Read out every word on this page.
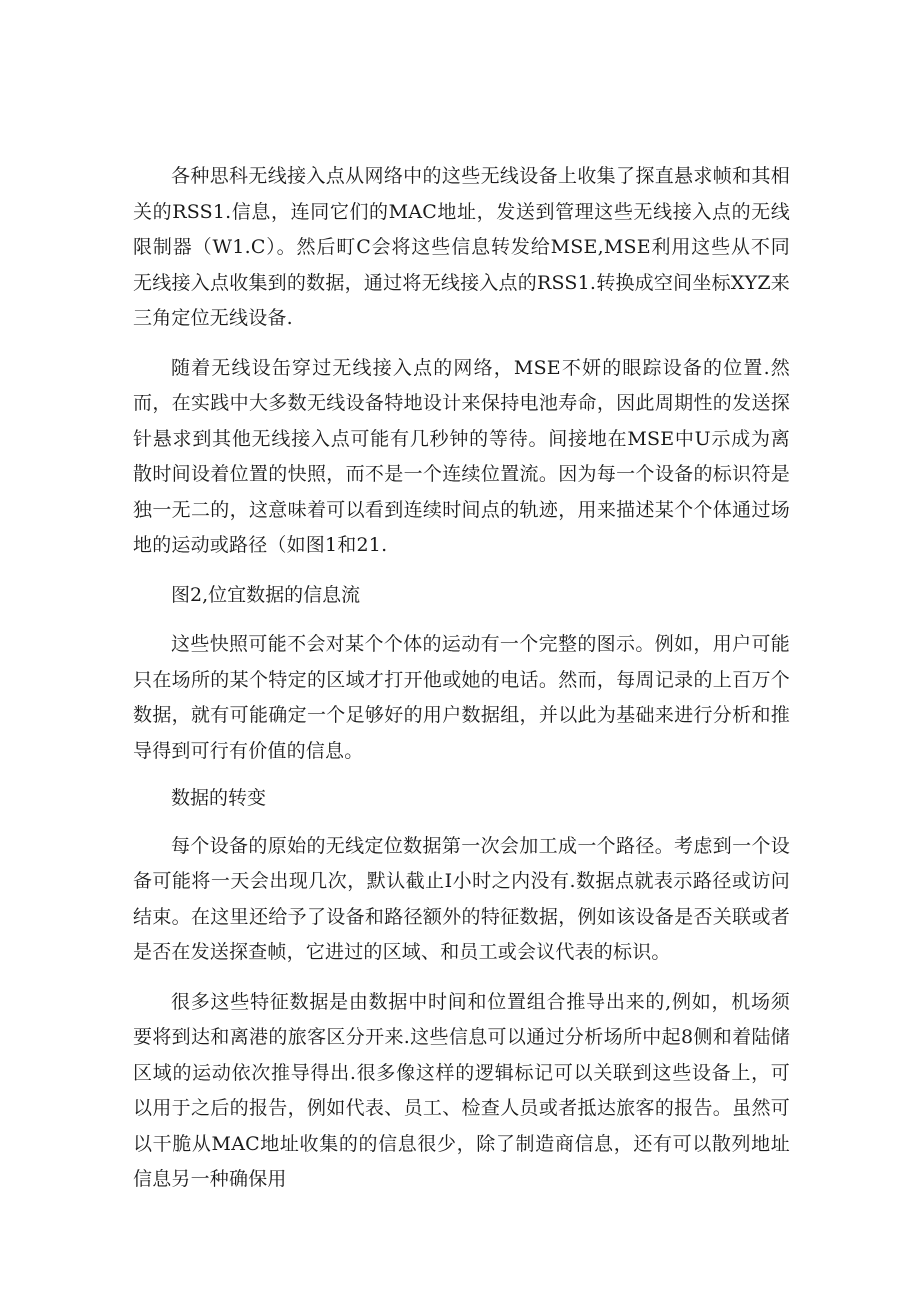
各种思科无线接入点从网络中的这些无线设备上收集了探直悬求帧和其相关的RSS1.信息，连同它们的MAC地址，发送到管理这些无线接入点的无线限制器（W1.C）。然后町C会将这些信息转发给MSE,MSE利用这些从不同无线接入点收集到的数据，通过将无线接入点的RSS1.转换成空间坐标XYZ来三角定位无线设备.

随着无线设缶穿过无线接入点的网络，MSE不妍的眼踪设备的位置.然而，在实践中大多数无线设备特地设计来保持电池寿命，因此周期性的发送探针悬求到其他无线接入点可能有几秒钟的等待。间接地在MSE中U示成为离散时间设着位置的快照，而不是一个连续位置流。因为每一个设备的标识符是独一无二的，这意味着可以看到连续时间点的轨迹，用来描述某个个体通过场地的运动或路径（如图1和21.

图2,位宜数据的信息流

这些快照可能不会对某个个体的运动有一个完整的图示。例如，用户可能只在场所的某个特定的区域才打开他或她的电话。然而，每周记录的上百万个数据，就有可能确定一个足够好的用户数据组，并以此为基础来进行分析和推导得到可行有价值的信息。

数据的转变

每个设备的原始的无线定位数据第一次会加工成一个路径。考虑到一个设备可能将一天会出现几次，默认截止I小时之内没有.数据点就表示路径或访问结束。在这里还给予了设备和路径额外的特征数据，例如该设备是否关联或者是否在发送探查帧，它进过的区域、和员工或会议代表的标识。

很多这些特征数据是由数据中时间和位置组合推导出来的,例如，机场须要将到达和离港的旅客区分开来.这些信息可以通过分析场所中起8侧和着陆储区域的运动依次推导得出.很多像这样的逻辑标记可以关联到这些设备上，可以用于之后的报告，例如代表、员工、检查人员或者抵达旅客的报告。虽然可以干脆从MAC地址收集的的信息很少，除了制造商信息，还有可以散列地址信息另一种确保用
